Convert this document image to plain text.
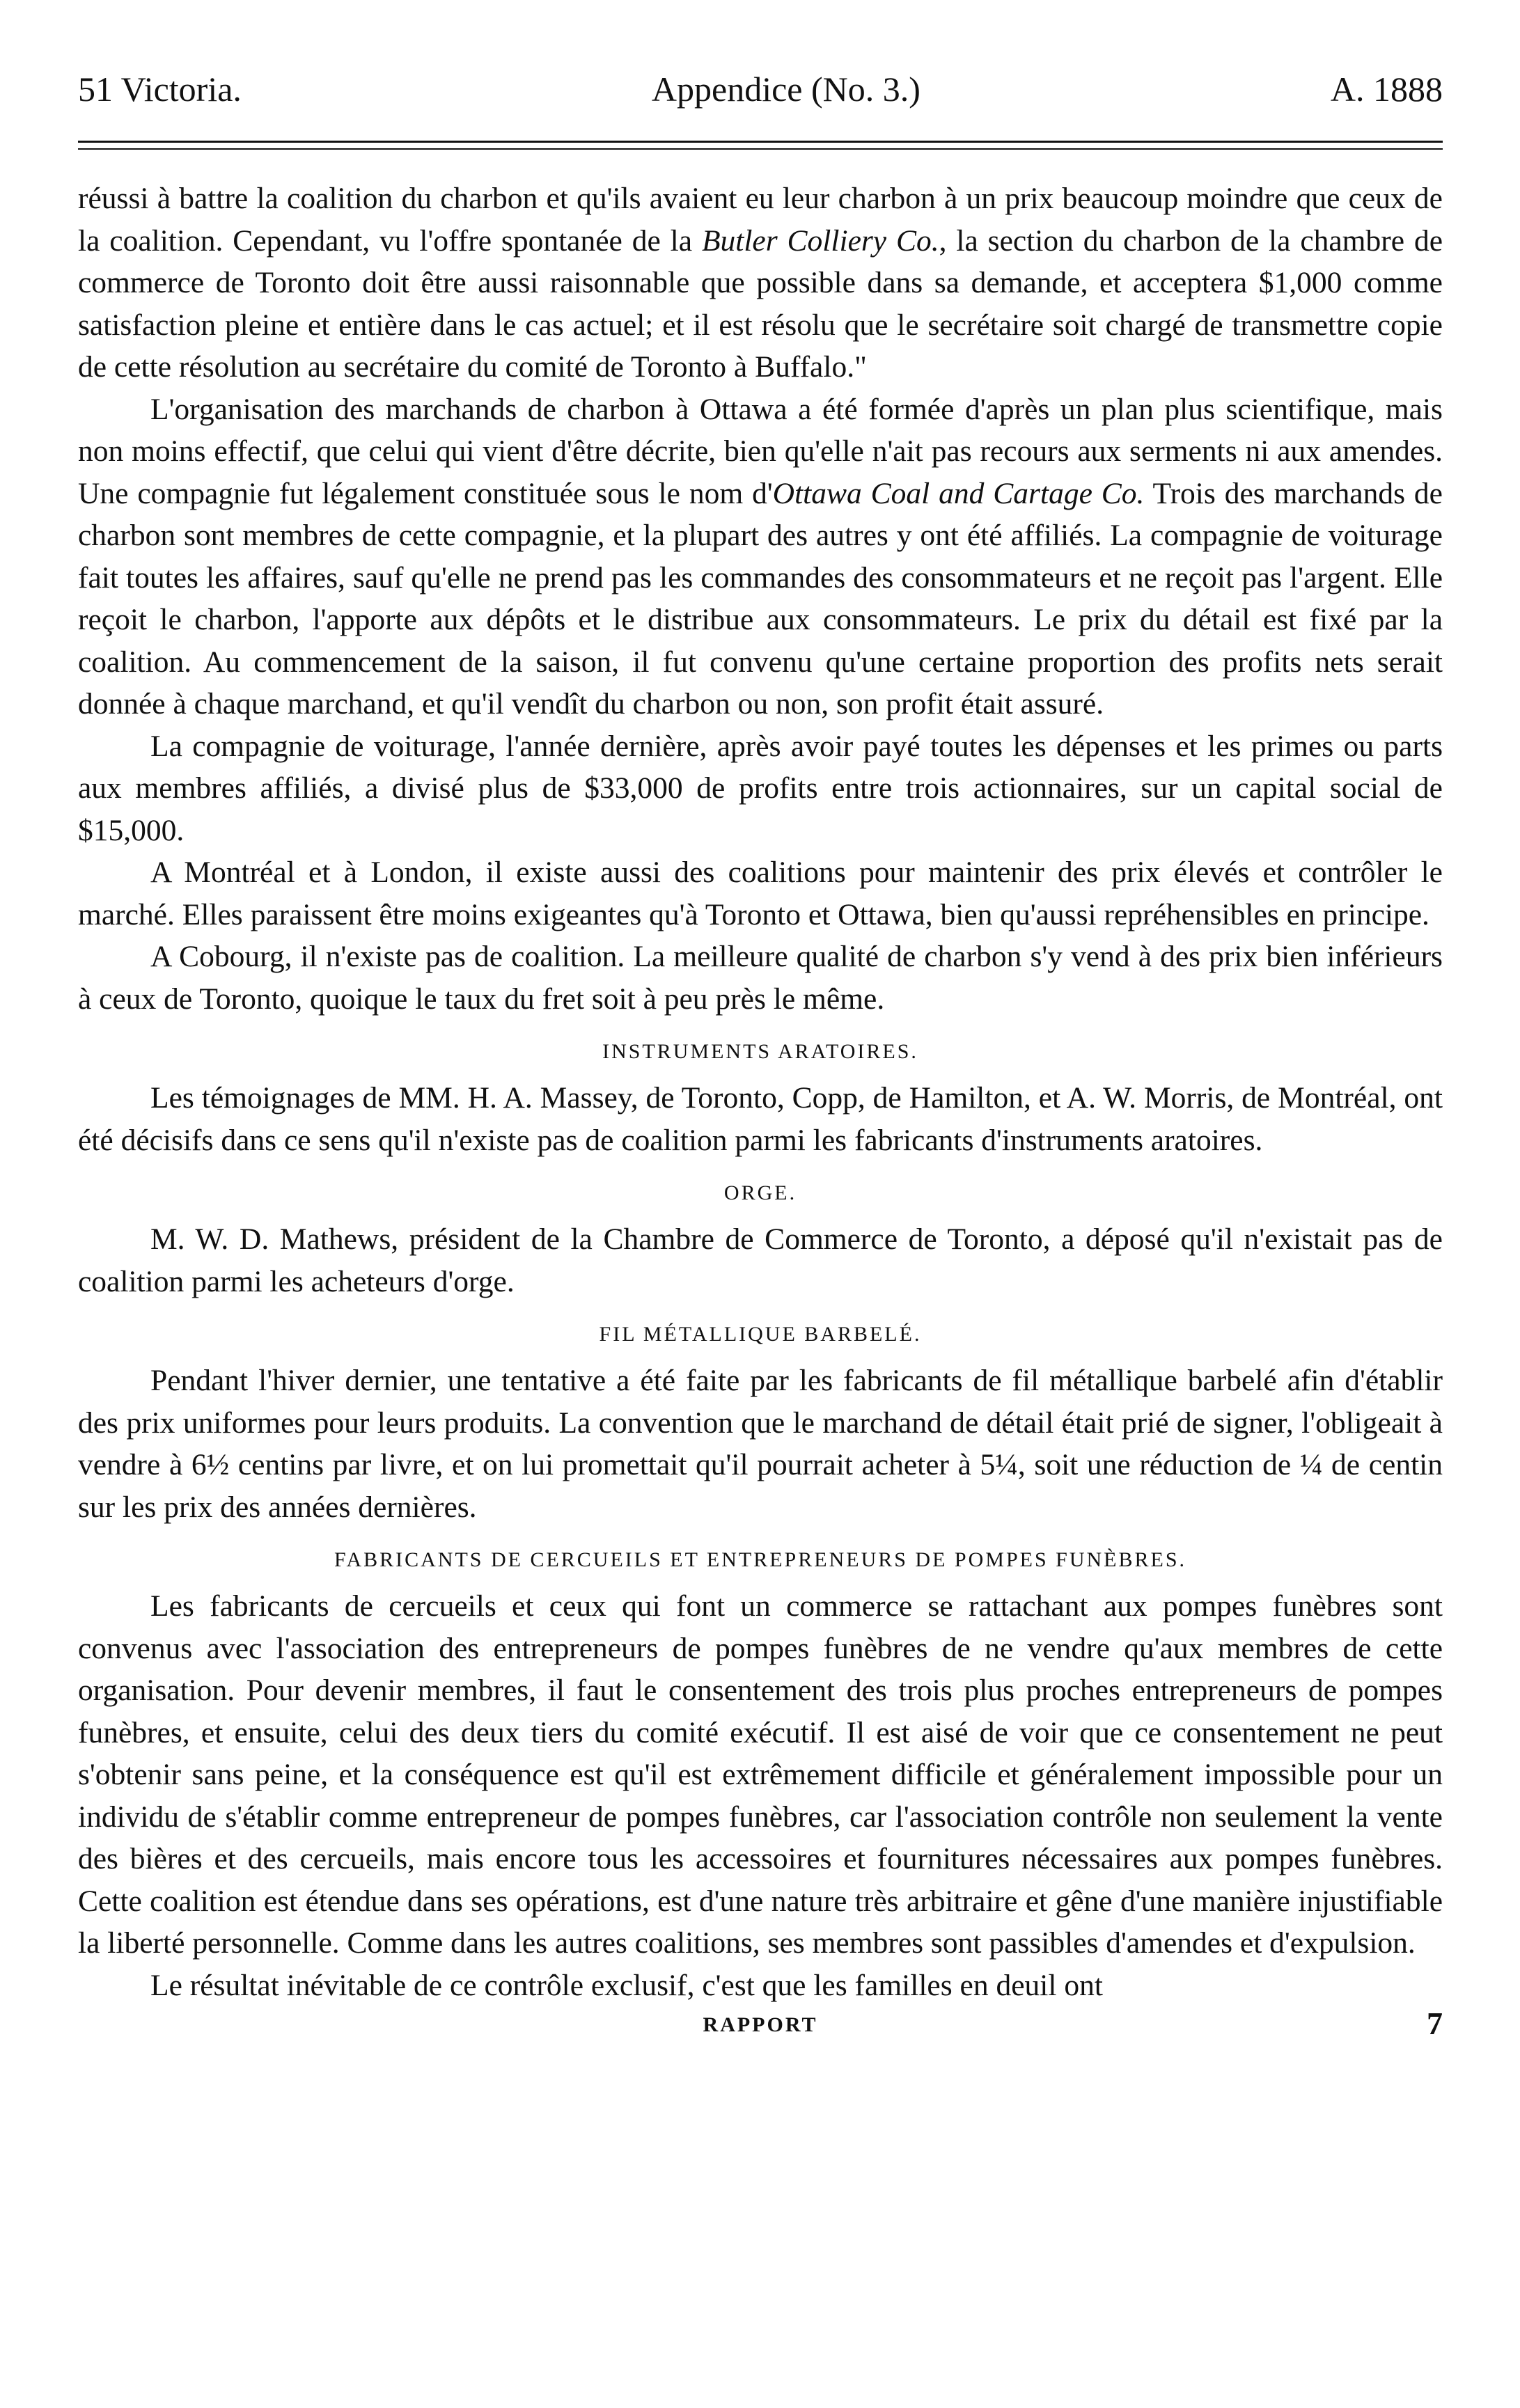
51 Victoria.	Appendice (No. 3.)	A. 1888

réussi à battre la coalition du charbon et qu'ils avaient eu leur charbon à un prix beaucoup moindre que ceux de la coalition. Cependant, vu l'offre spontanée de la Butler Colliery Co., la section du charbon de la chambre de commerce de Toronto doit être aussi raisonnable que possible dans sa demande, et acceptera $1,000 comme satisfaction pleine et entière dans le cas actuel; et il est résolu que le secrétaire soit chargé de transmettre copie de cette résolution au secrétaire du comité de Toronto à Buffalo."

L'organisation des marchands de charbon à Ottawa a été formée d'après un plan plus scientifique, mais non moins effectif, que celui qui vient d'être décrite, bien qu'elle n'ait pas recours aux serments ni aux amendes. Une compagnie fut légalement constituée sous le nom d'Ottawa Coal and Cartage Co. Trois des marchands de charbon sont membres de cette compagnie, et la plupart des autres y ont été affiliés. La compagnie de voiturage fait toutes les affaires, sauf qu'elle ne prend pas les commandes des consommateurs et ne reçoit pas l'argent. Elle reçoit le charbon, l'apporte aux dépôts et le distribue aux consommateurs. Le prix du détail est fixé par la coalition. Au commencement de la saison, il fut convenu qu'une certaine proportion des profits nets serait donnée à chaque marchand, et qu'il vendît du charbon ou non, son profit était assuré.

La compagnie de voiturage, l'année dernière, après avoir payé toutes les dépenses et les primes ou parts aux membres affiliés, a divisé plus de $33,000 de profits entre trois actionnaires, sur un capital social de $15,000.

A Montréal et à London, il existe aussi des coalitions pour maintenir des prix élevés et contrôler le marché. Elles paraissent être moins exigeantes qu'à Toronto et Ottawa, bien qu'aussi repréhensibles en principe.

A Cobourg, il n'existe pas de coalition. La meilleure qualité de charbon s'y vend à des prix bien inférieurs à ceux de Toronto, quoique le taux du fret soit à peu près le même.

INSTRUMENTS ARATOIRES.

Les témoignages de MM. H. A. Massey, de Toronto, Copp, de Hamilton, et A. W. Morris, de Montréal, ont été décisifs dans ce sens qu'il n'existe pas de coalition parmi les fabricants d'instruments aratoires.

ORGE.

M. W. D. Mathews, président de la Chambre de Commerce de Toronto, a déposé qu'il n'existait pas de coalition parmi les acheteurs d'orge.

FIL MÉTALLIQUE BARBELÉ.

Pendant l'hiver dernier, une tentative a été faite par les fabricants de fil métallique barbelé afin d'établir des prix uniformes pour leurs produits. La convention que le marchand de détail était prié de signer, l'obligeait à vendre à 6½ centins par livre, et on lui promettait qu'il pourrait acheter à 5¼, soit une réduction de ¼ de centin sur les prix des années dernières.

FABRICANTS DE CERCUEILS ET ENTREPRENEURS DE POMPES FUNÈBRES.

Les fabricants de cercueils et ceux qui font un commerce se rattachant aux pompes funèbres sont convenus avec l'association des entrepreneurs de pompes funèbres de ne vendre qu'aux membres de cette organisation. Pour devenir membres, il faut le consentement des trois plus proches entrepreneurs de pompes funèbres, et ensuite, celui des deux tiers du comité exécutif. Il est aisé de voir que ce consentement ne peut s'obtenir sans peine, et la conséquence est qu'il est extrêmement difficile et généralement impossible pour un individu de s'établir comme entrepreneur de pompes funèbres, car l'association contrôle non seulement la vente des bières et des cercueils, mais encore tous les accessoires et fournitures nécessaires aux pompes funèbres. Cette coalition est étendue dans ses opérations, est d'une nature très arbitraire et gêne d'une manière injustifiable la liberté personnelle. Comme dans les autres coalitions, ses membres sont passibles d'amendes et d'expulsion.

Le résultat inévitable de ce contrôle exclusif, c'est que les familles en deuil ont

RAPPORT	7
